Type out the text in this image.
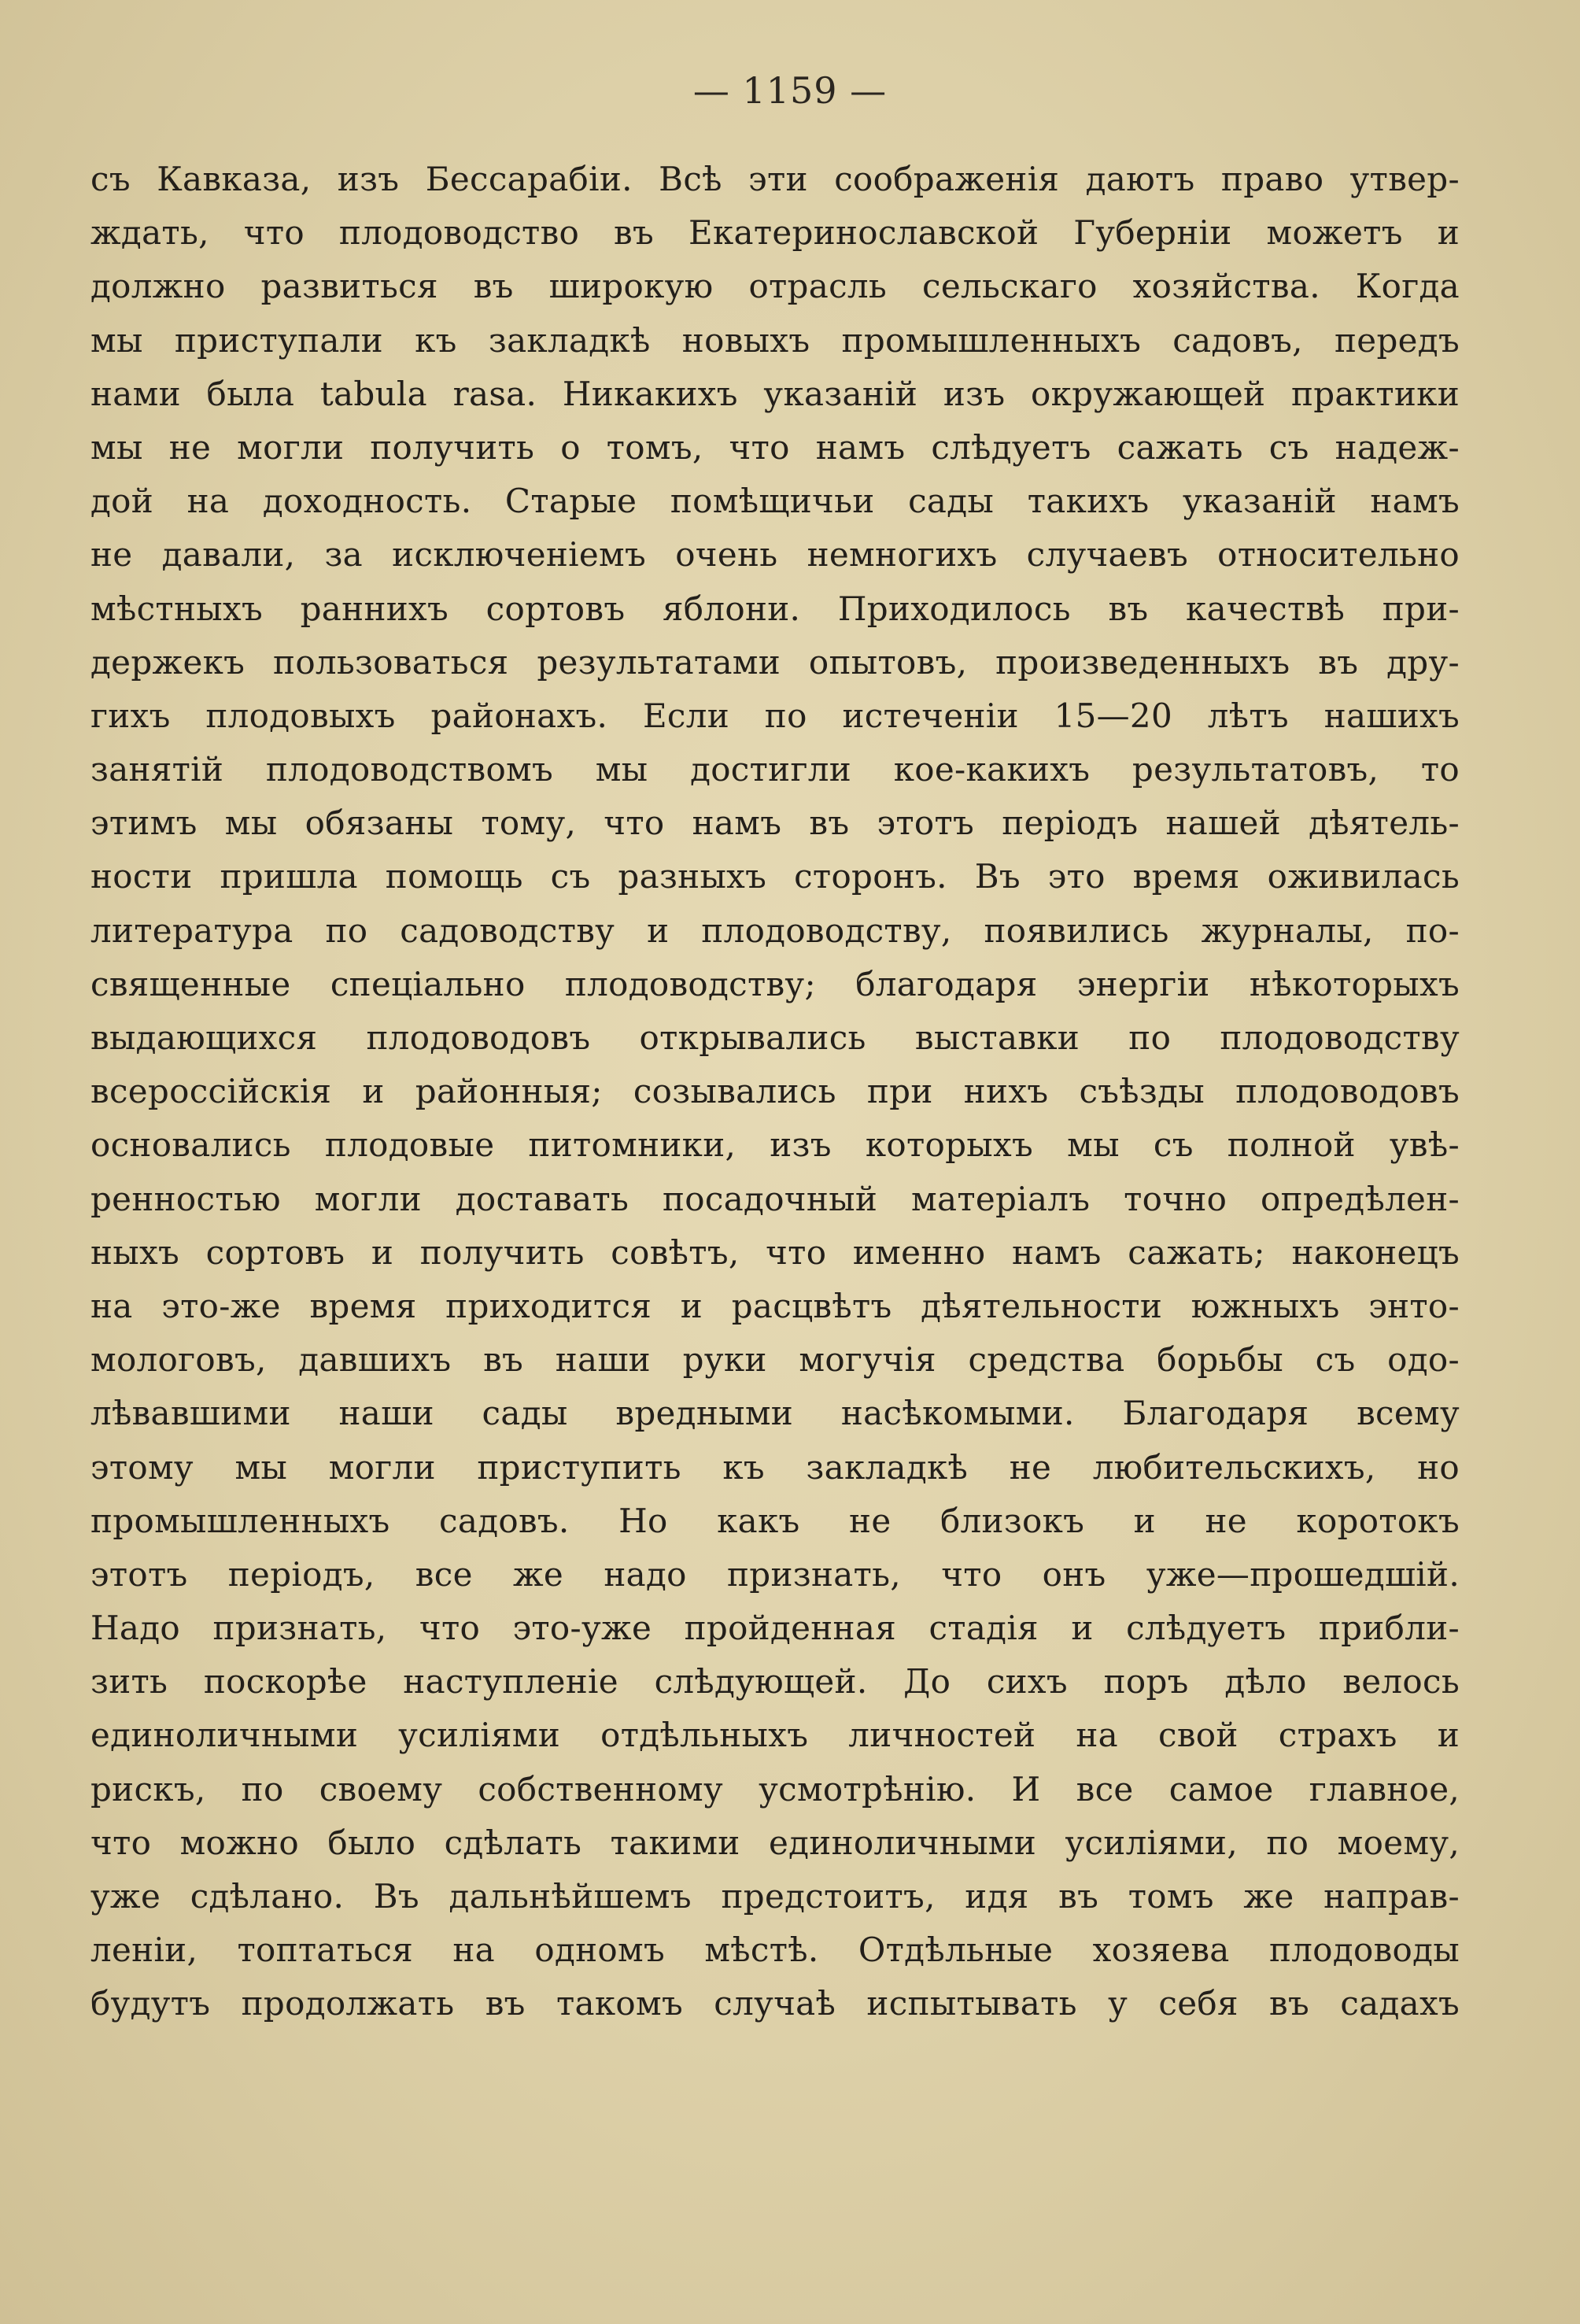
— 1159 —
съ Кавказа, изъ Бессарабіи. Всѣ эти соображенія даютъ право утвер-
ждать, что плодоводство въ Екатеринославской Губерніи можетъ и
должно развиться въ широкую отрасль сельскаго хозяйства. Когда
мы приступали къ закладкѣ новыхъ промышленныхъ садовъ, передъ
нами была tabula rasa. Никакихъ указаній изъ окружающей практики
мы не могли получить о томъ, что намъ слѣдуетъ сажать съ надеж-
дой на доходность. Старые помѣщичьи сады такихъ указаній намъ
не давали, за исключеніемъ очень немногихъ случаевъ относительно
мѣстныхъ раннихъ сортовъ яблони. Приходилось въ качествѣ при-
держекъ пользоваться результатами опытовъ, произведенныхъ въ дру-
гихъ плодовыхъ районахъ. Если по истеченіи 15—20 лѣтъ нашихъ
занятій плодоводствомъ мы достигли кое-какихъ результатовъ, то
этимъ мы обязаны тому, что намъ въ этотъ періодъ нашей дѣятель-
ности пришла помощь съ разныхъ сторонъ. Въ это время оживилась
литература по садоводству и плодоводству, появились журналы, по-
священные спеціально плодоводству; благодаря энергіи нѣкоторыхъ
выдающихся плодоводовъ открывались выставки по плодоводству
всероссійскія и районныя; созывались при нихъ съѣзды плодоводовъ
основались плодовые питомники, изъ которыхъ мы съ полной увѣ-
ренностью могли доставать посадочный матеріалъ точно опредѣлен-
ныхъ сортовъ и получить совѣтъ, что именно намъ сажать; наконецъ
на это-же время приходится и расцвѣтъ дѣятельности южныхъ энто-
мологовъ, давшихъ въ наши руки могучія средства борьбы съ одо-
лѣвавшими наши сады вредными насѣкомыми. Благодаря всему
этому мы могли приступить къ закладкѣ не любительскихъ, но
промышленныхъ садовъ. Но какъ не близокъ и не коротокъ
этотъ періодъ, все же надо признать, что онъ уже—прошедшій.
Надо признать, что это-уже пройденная стадія и слѣдуетъ прибли-
зить поскорѣе наступленіе слѣдующей. До сихъ поръ дѣло велось
единоличными усиліями отдѣльныхъ личностей на свой страхъ и
рискъ, по своему собственному усмотрѣнію. И все самое главное,
что можно было сдѣлать такими единоличными усиліями, по моему,
уже сдѣлано. Въ дальнѣйшемъ предстоитъ, идя въ томъ же направ-
леніи, топтаться на одномъ мѣстѣ. Отдѣльные хозяева плодоводы
будутъ продолжать въ такомъ случаѣ испытывать у себя въ садахъ
